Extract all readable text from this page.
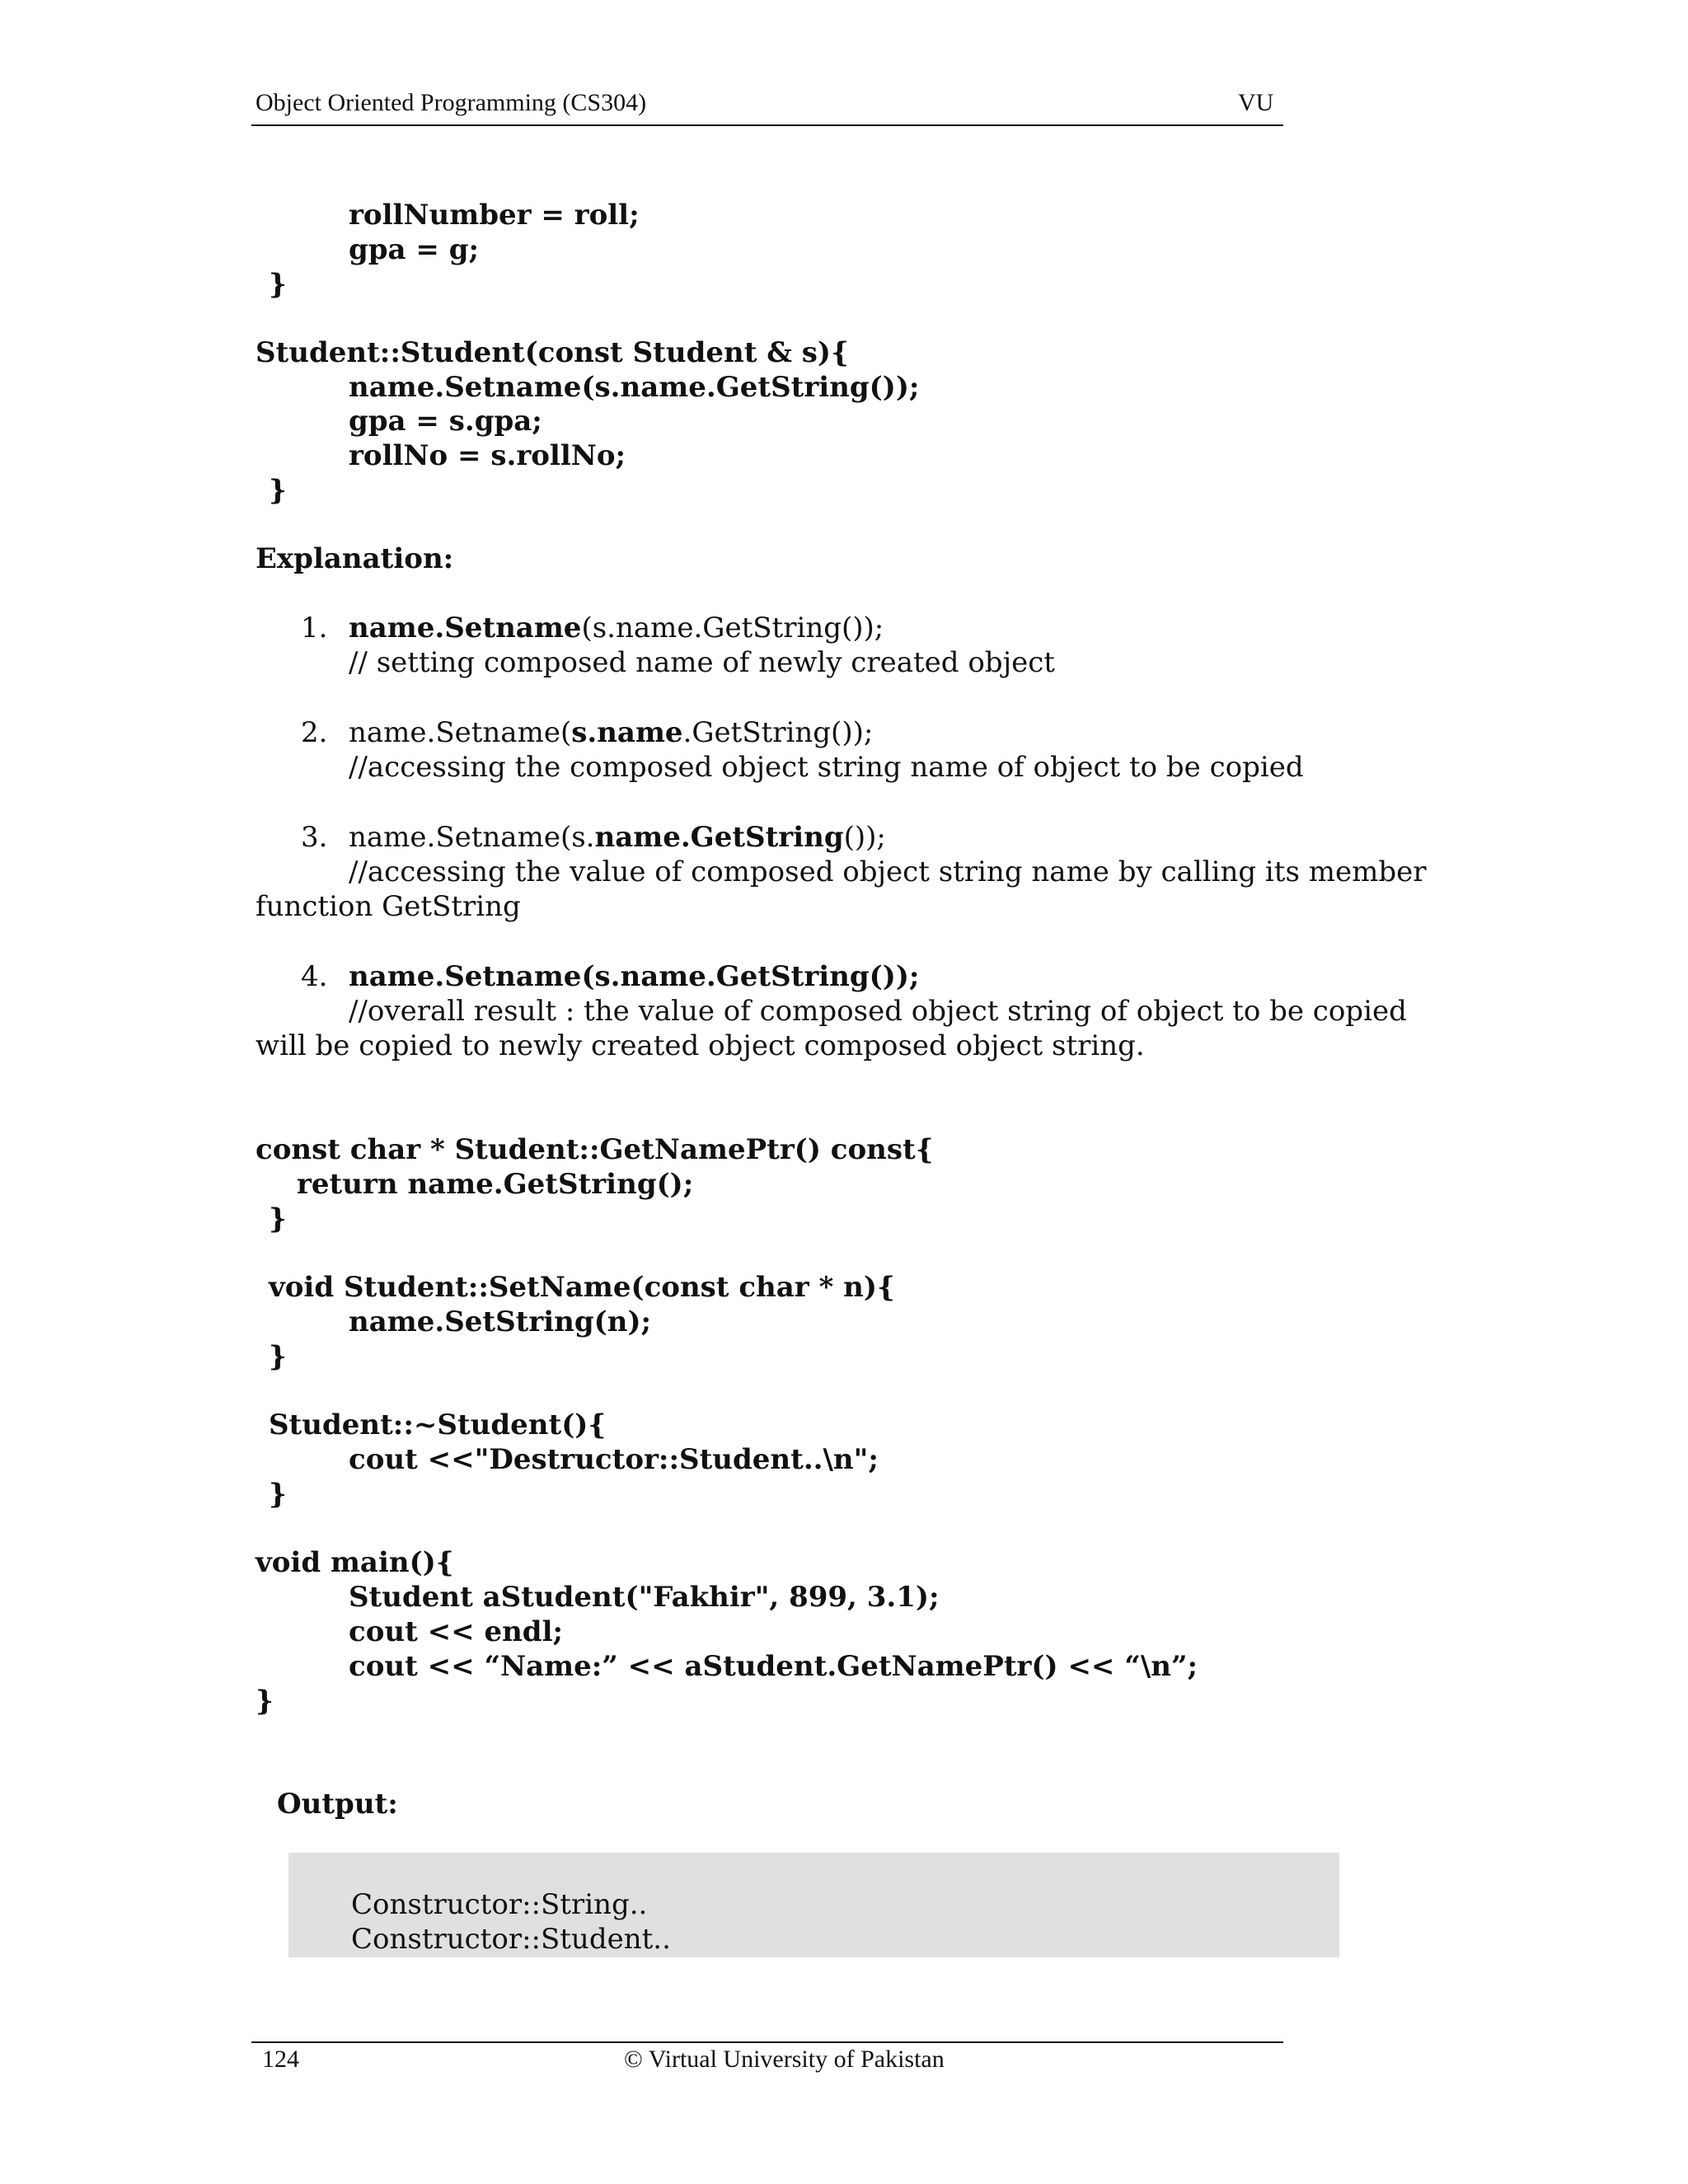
Object Oriented Programming (CS304)	VU
rollNumber = roll;
gpa = g;
}
Student::Student(const Student & s){
name.Setname(s.name.GetString());
gpa = s.gpa;
rollNo = s.rollNo;
}
Explanation:
1. name.Setname(s.name.GetString());
// setting composed name of newly created object
2. name.Setname(s.name.GetString());
//accessing the composed object string name of object to be copied
3. name.Setname(s.name.GetString());
//accessing the value of composed object string name by calling its member
function GetString
4. name.Setname(s.name.GetString());
//overall result : the value of composed object string of object to be copied
will be copied to newly created object composed object string.
const char * Student::GetNamePtr() const{
return name.GetString();
}
void Student::SetName(const char * n){
name.SetString(n);
}
Student::~Student(){
cout <<"Destructor::Student..\n";
}
void main(){
Student aStudent("Fakhir", 899, 3.1);
cout << endl;
cout << “Name:” << aStudent.GetNamePtr() << “\n”;
}
Output:
Constructor::String..
Constructor::Student..
124	© Virtual University of Pakistan
